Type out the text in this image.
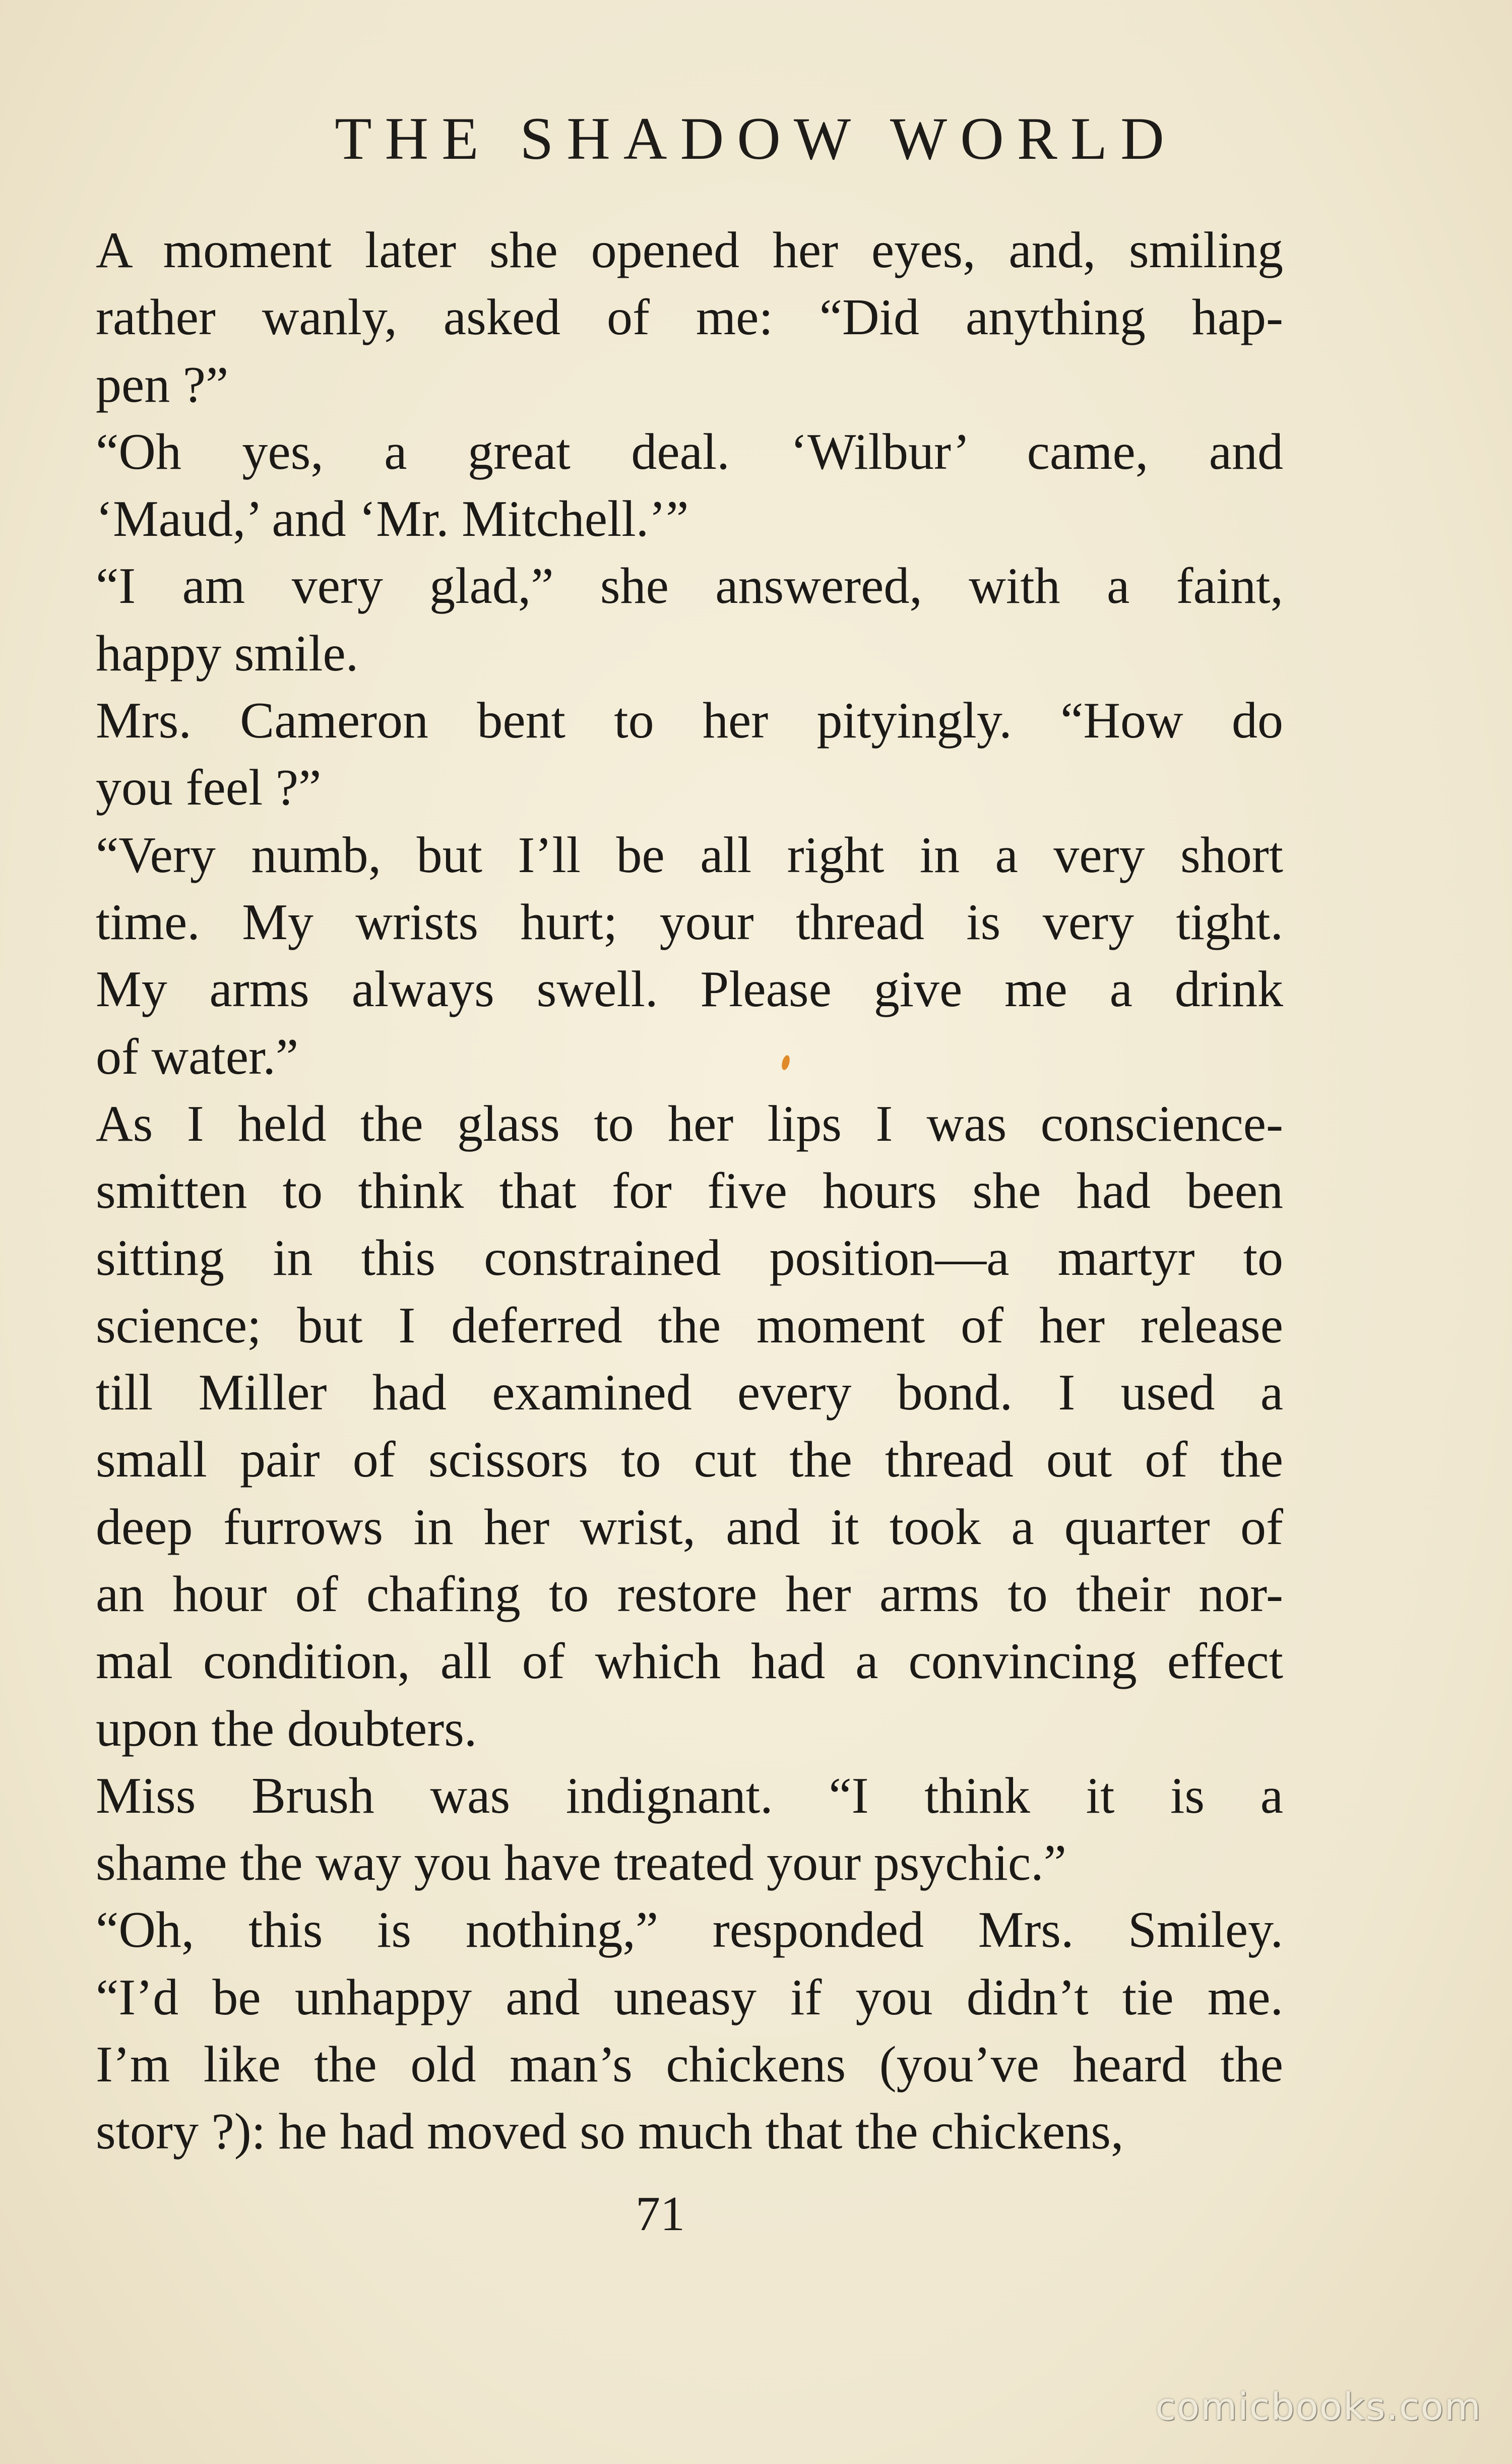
THE SHADOW WORLD
A moment later she opened her eyes, and, smiling
rather wanly, asked of me: “Did anything hap-
pen ?”
“Oh yes, a great deal. ‘Wilbur’ came, and
‘Maud,’ and ‘Mr. Mitchell.’”
“I am very glad,” she answered, with a faint,
happy smile.
Mrs. Cameron bent to her pityingly. “How do
you feel ?”
“Very numb, but I’ll be all right in a very short
time. My wrists hurt; your thread is very tight.
My arms always swell. Please give me a drink
of water.”
As I held the glass to her lips I was conscience-
smitten to think that for five hours she had been
sitting in this constrained position—a martyr to
science; but I deferred the moment of her release
till Miller had examined every bond. I used a
small pair of scissors to cut the thread out of the
deep furrows in her wrist, and it took a quarter of
an hour of chafing to restore her arms to their nor-
mal condition, all of which had a convincing effect
upon the doubters.
Miss Brush was indignant. “I think it is a
shame the way you have treated your psychic.”
“Oh, this is nothing,” responded Mrs. Smiley.
“I’d be unhappy and uneasy if you didn’t tie me.
I’m like the old man’s chickens (you’ve heard the
story ?): he had moved so much that the chickens,
71
comicbooks.com
